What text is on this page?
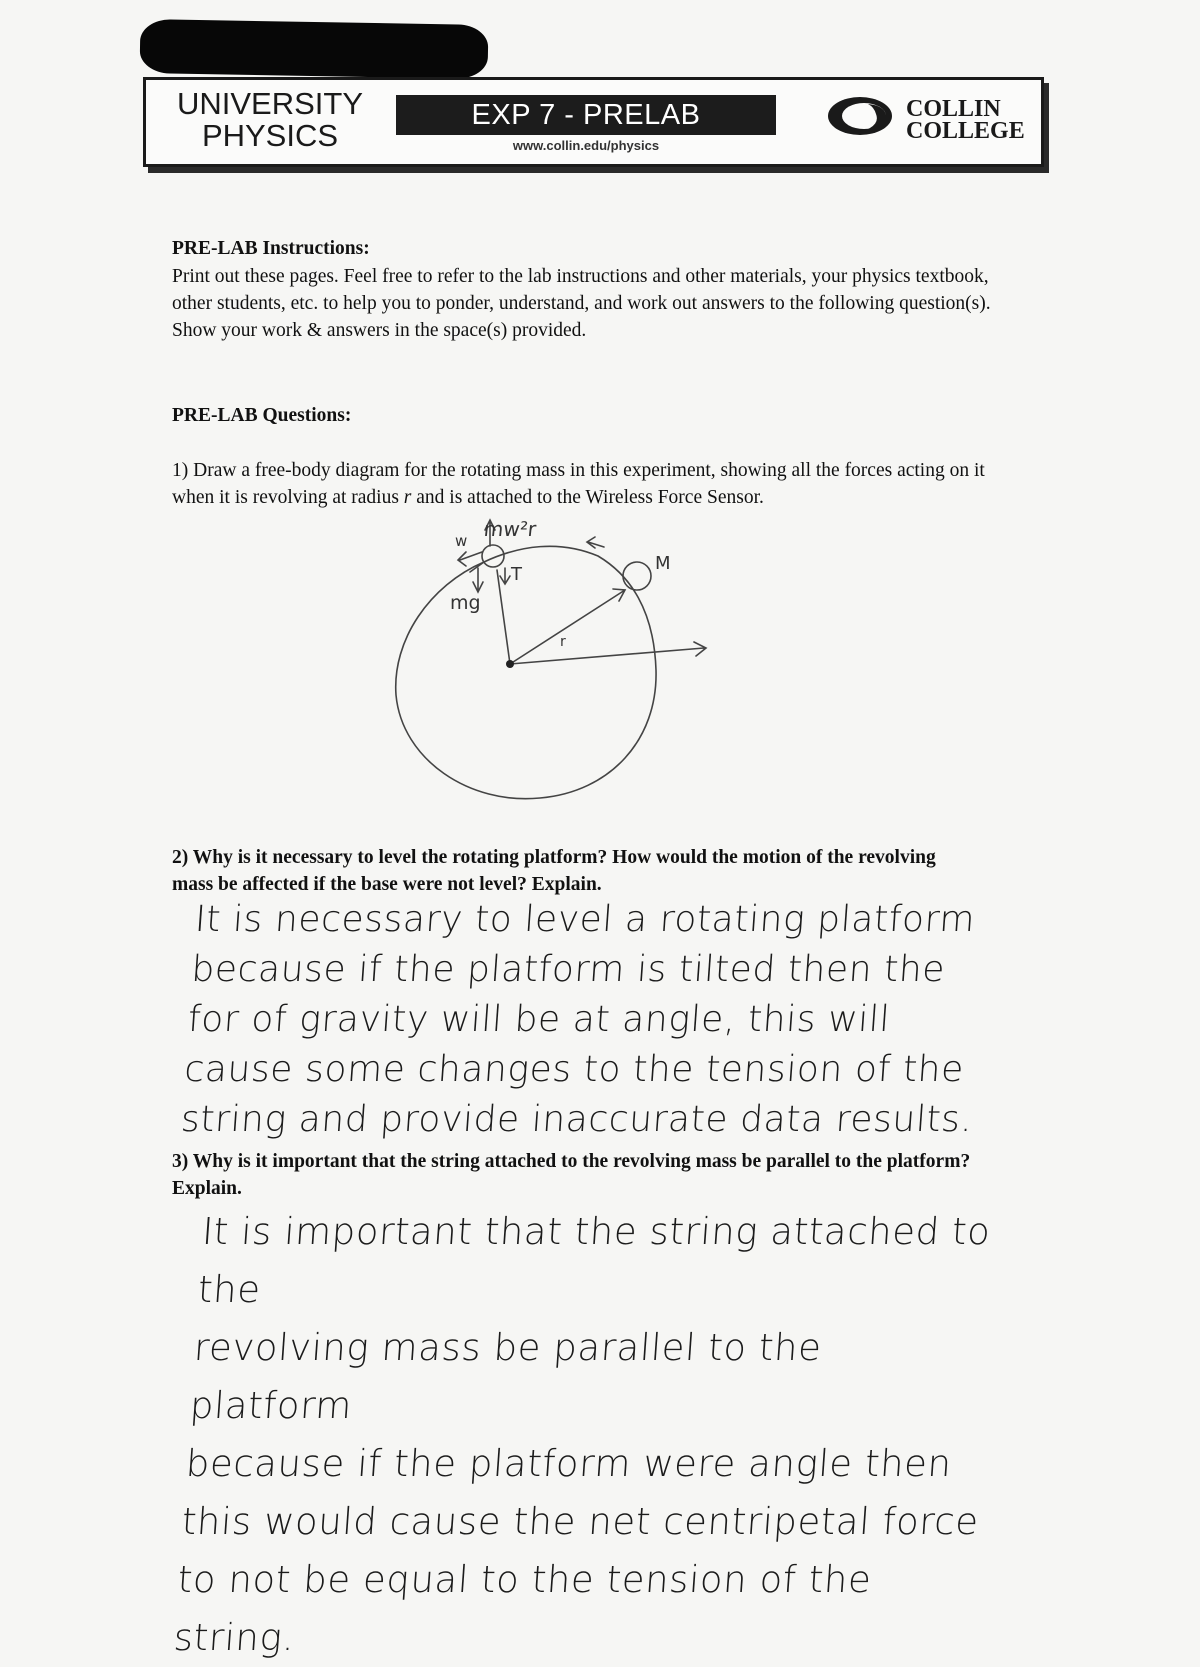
UNIVERSITY
PHYSICS
EXP 7 - PRELAB
www.collin.edu/physics
COLLIN
COLLEGE
PRE-LAB Instructions:
Print out these pages. Feel free to refer to the lab instructions and other materials, your physics textbook, other students, etc. to help you to ponder, understand, and work out answers to the following question(s). Show your work & answers in the space(s) provided.
PRE-LAB Questions:
1) Draw a free-body diagram for the rotating mass in this experiment, showing all the forces acting on it when it is revolving at radius r and is attached to the Wireless Force Sensor.
w mw²r
T
M
mg
r
2) Why is it necessary to level the rotating platform? How would the motion of the revolving mass be affected if the base were not level? Explain.
It is necessary to level a rotating platform
because if the platform is tilted then the
for of gravity will be at angle, this will
cause some changes to the tension of the
string and provide inaccurate data results.
3) Why is it important that the string attached to the revolving mass be parallel to the platform? Explain.
It is important that the string attached to the
revolving mass be parallel to the platform
because if the platform were angle then
this would cause the net centripetal force
to not be equal to the tension of the string.
